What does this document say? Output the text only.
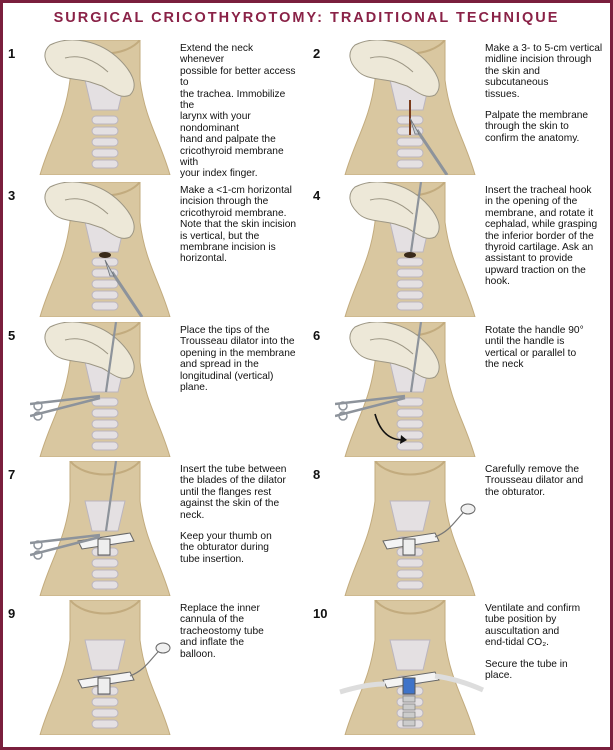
SURGICAL CRICOTHYROTOMY: TRADITIONAL TECHNIQUE
1	Extend the neck whenever
possible for better access to
the trachea. Immobilize the
larynx with your nondominant
hand and palpate the
cricothyroid membrane with
your index finger.

2	Make a 3- to 5-cm vertical
midline incision through
the skin and subcutaneous
tissues.

Palpate the membrane
through the skin to
confirm the anatomy.

3	Make a <1-cm horizontal
incision through the
cricothyroid membrane.
Note that the skin incision
is vertical, but the
membrane incision is
horizontal.

4	Insert the tracheal hook
in the opening of the
membrane, and rotate it
cephalad, while grasping
the inferior border of the
thyroid cartilage. Ask an
assistant to provide
upward traction on the
hook.

5	Place the tips of the
Trousseau dilator into the
opening in the membrane
and spread in the
longitudinal (vertical)
plane.

6	Rotate the handle 90°
until the handle is
vertical or parallel to
the neck

7	Insert the tube between
the blades of the dilator
until the flanges rest
against the skin of the
neck.

Keep your thumb on
the obturator during
tube insertion.

8	Carefully remove the
Trousseau dilator and
the obturator.

9	Replace the inner
cannula of the
tracheostomy tube
and inflate the
balloon.

10	Ventilate and confirm
tube position by
auscultation and
end-tidal CO₂.

Secure the tube in
place.
